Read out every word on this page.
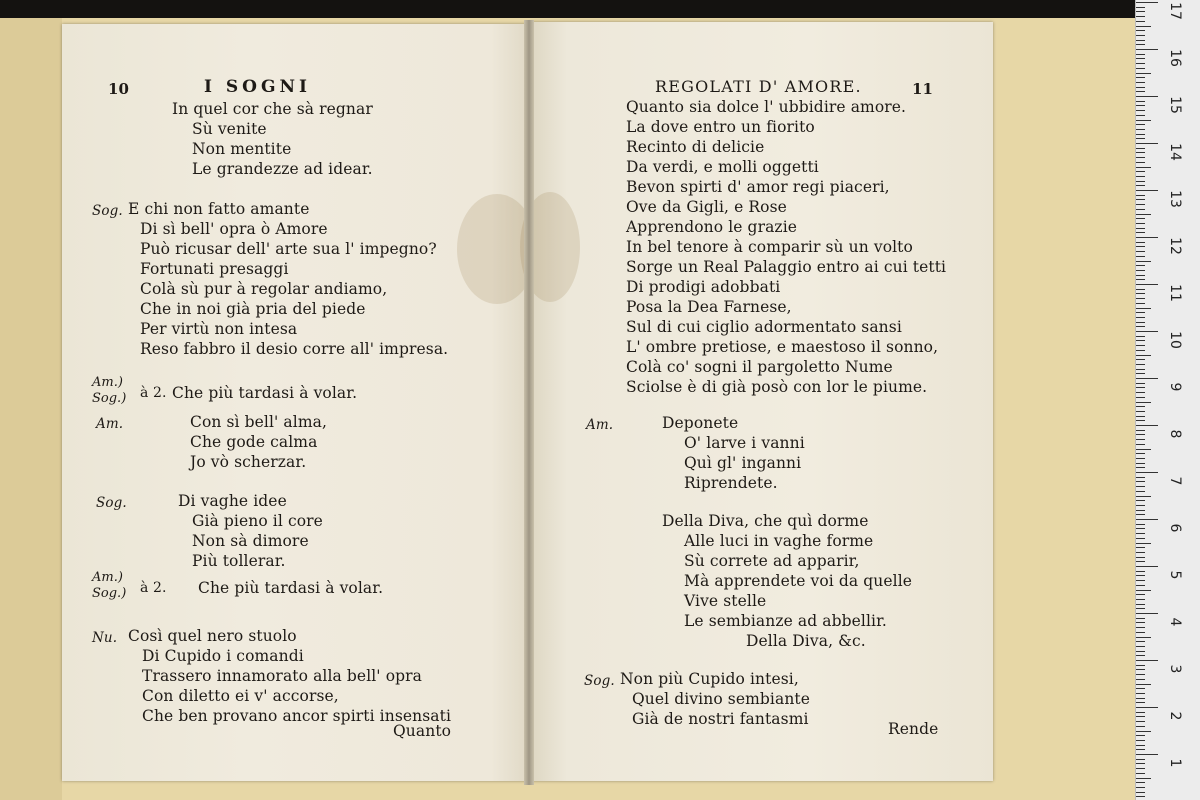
10	I SOGNI
In quel cor che sà regnar
Sù venite
Non mentite
Le grandezze ad idear.
E chi non fatto amante
Sog.
Di sì bell' opra ò Amore
Può ricusar dell' arte sua l' impegno?
Fortunati presaggi
Colà sù pur à regolar andiamo,
Che in noi già pria del piede
Per virtù non intesa
Reso fabbro il desio corre all' impresa.
Che più tardasi à volar.
Con sì bell' alma,
Am.
Che gode calma
Jo vò scherzar.
Di vaghe idee
Sog.
Già pieno il core
Non sà dimore
Più tollerar.
Che più tardasi à volar.
Così quel nero stuolo
Nu.
Di Cupido i comandi
Trassero innamorato alla bell' opra
Con diletto ei v' accorse,
Che ben provano ancor spirti insensati
Am.)
Sog.) à 2.
Am.)
Sog.) à 2.
Quanto
REGOLATI D' AMORE.	11
Quanto sia dolce l' ubbidire amore.
La dove entro un fiorito
Recinto di delicie
Da verdi, e molli oggetti
Bevon spirti d' amor regi piaceri,
Ove da Gigli, e Rose
Apprendono le grazie
In bel tenore à comparir sù un volto
Sorge un Real Palaggio entro ai cui tetti
Di prodigi adobbati
Posa la Dea Farnese,
Sul di cui ciglio adormentato sansi
L' ombre pretiose, e maestoso il sonno,
Colà co' sogni il pargoletto Nume
Sciolse è di già posò con lor le piume.
Deponete
Am.
O' larve i vanni
Quì gl' inganni
Riprendete.
Della Diva, che quì dorme
Alle luci in vaghe forme
Sù correte ad apparir,
Mà apprendete voi da quelle
Vive stelle
Le sembianze ad abbellir.
Della Diva, &c.
Non più Cupido intesi,
Sog.
Quel divino sembiante
Già de nostri fantasmi
Rende
17
16
15
14
13
12
11
10
9
8
7
6
5
4
3
2
1
